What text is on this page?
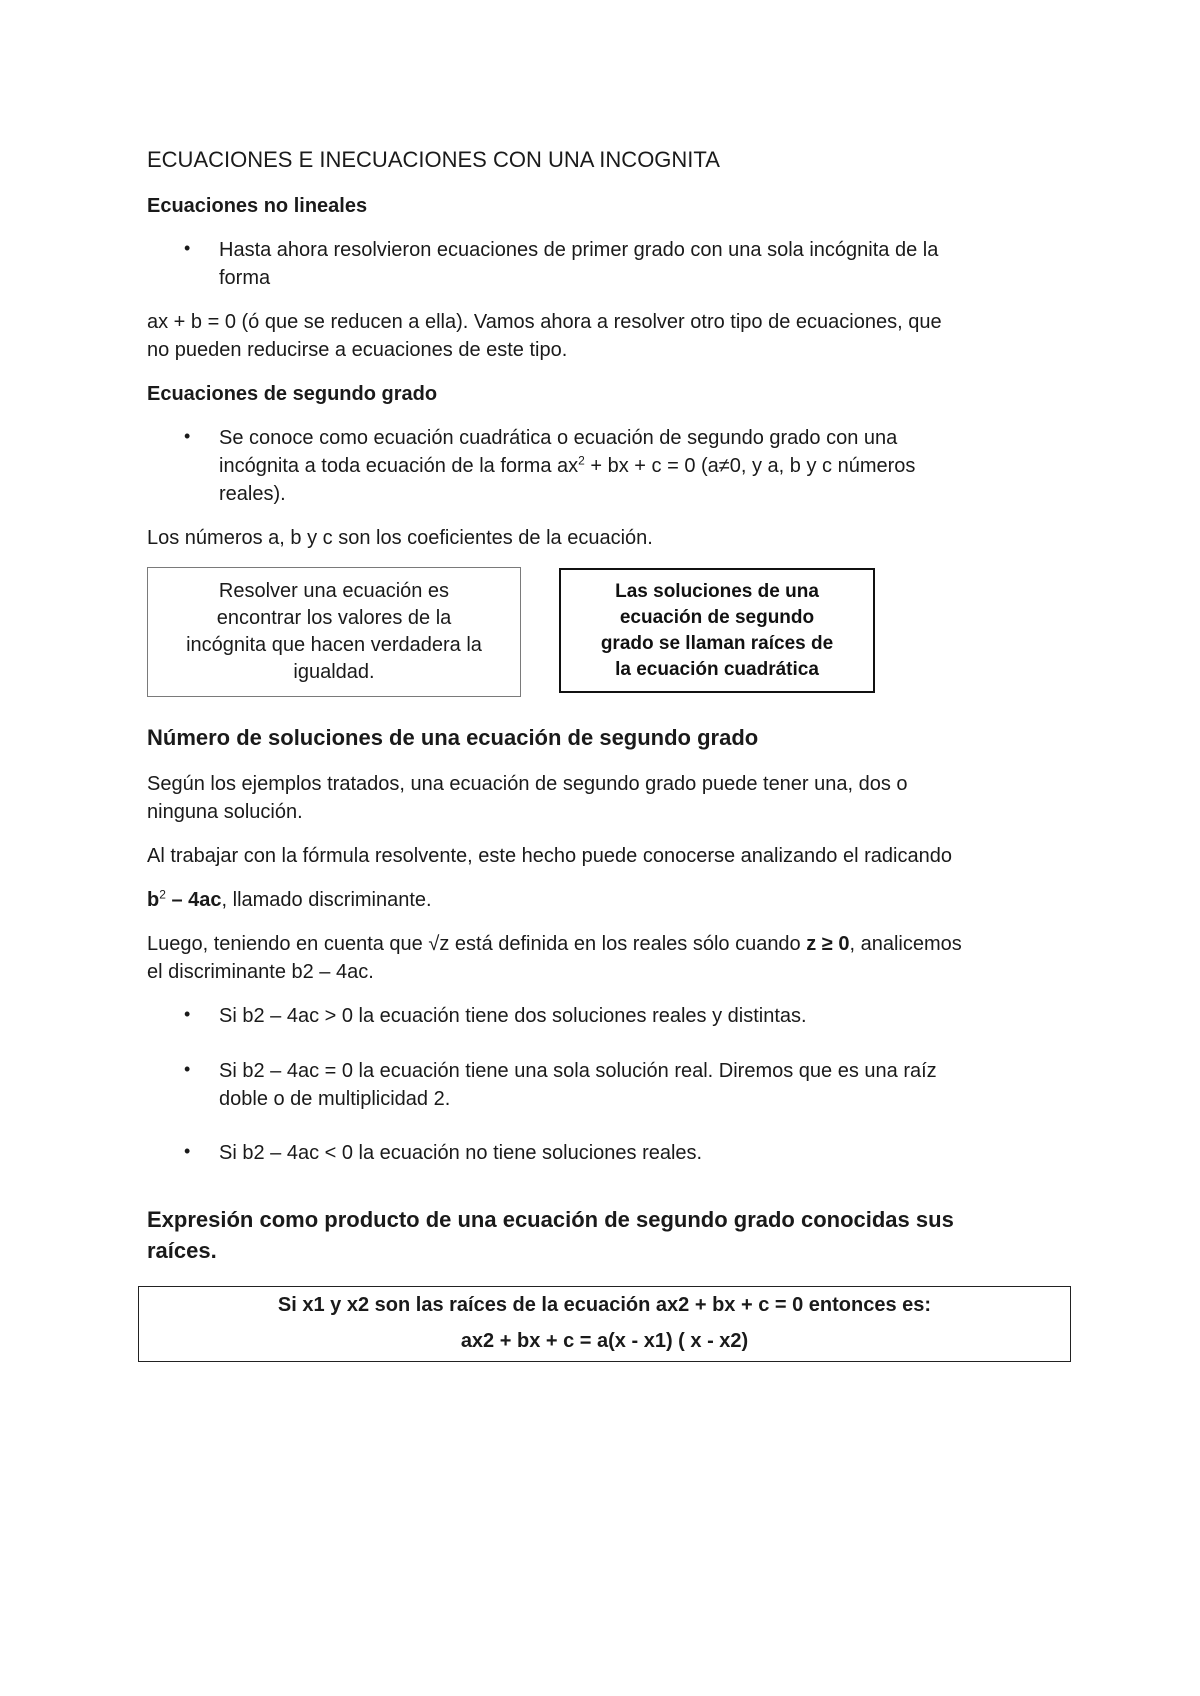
ECUACIONES E INECUACIONES CON UNA INCOGNITA
Ecuaciones no lineales
• Hasta ahora resolvieron ecuaciones de primer grado con una sola incógnita de la
forma
ax + b = 0 (ó que se reducen a ella). Vamos ahora a resolver otro tipo de ecuaciones, que
no pueden reducirse a ecuaciones de este tipo.
Ecuaciones de segundo grado
• Se conoce como ecuación cuadrática o ecuación de segundo grado con una
incógnita a toda ecuación de la forma $ax^2$ + bx + c = 0 (a≠0, y a, b y c números
reales).
Los números a, b y c son los coeficientes de la ecuación.
Resolver una ecuación es
encontrar los valores de la
incógnita que hacen verdadera la
igualdad.
Las soluciones de una
ecuación de segundo
grado se llaman raíces de
la ecuación cuadrática
Número de soluciones de una ecuación de segundo grado
Según los ejemplos tratados, una ecuación de segundo grado puede tener una, dos o
ninguna solución.
Al trabajar con la fórmula resolvente, este hecho puede conocerse analizando el radicando
$b^2 - 4ac$, llamado discriminante.
Luego, teniendo en cuenta que √z está definida en los reales sólo cuando z ≥ 0, analicemos
el discriminante b2 – 4ac.
• Si b2 – 4ac > 0 la ecuación tiene dos soluciones reales y distintas.
• Si b2 – 4ac = 0 la ecuación tiene una sola solución real. Diremos que es una raíz
doble o de multiplicidad 2.
• Si b2 – 4ac < 0 la ecuación no tiene soluciones reales.
Expresión como producto de una ecuación de segundo grado conocidas sus
raíces.
Si x1 y x2 son las raíces de la ecuación ax2 + bx + c = 0 entonces es:
ax2 + bx + c = a(x - x1) ( x - x2)
